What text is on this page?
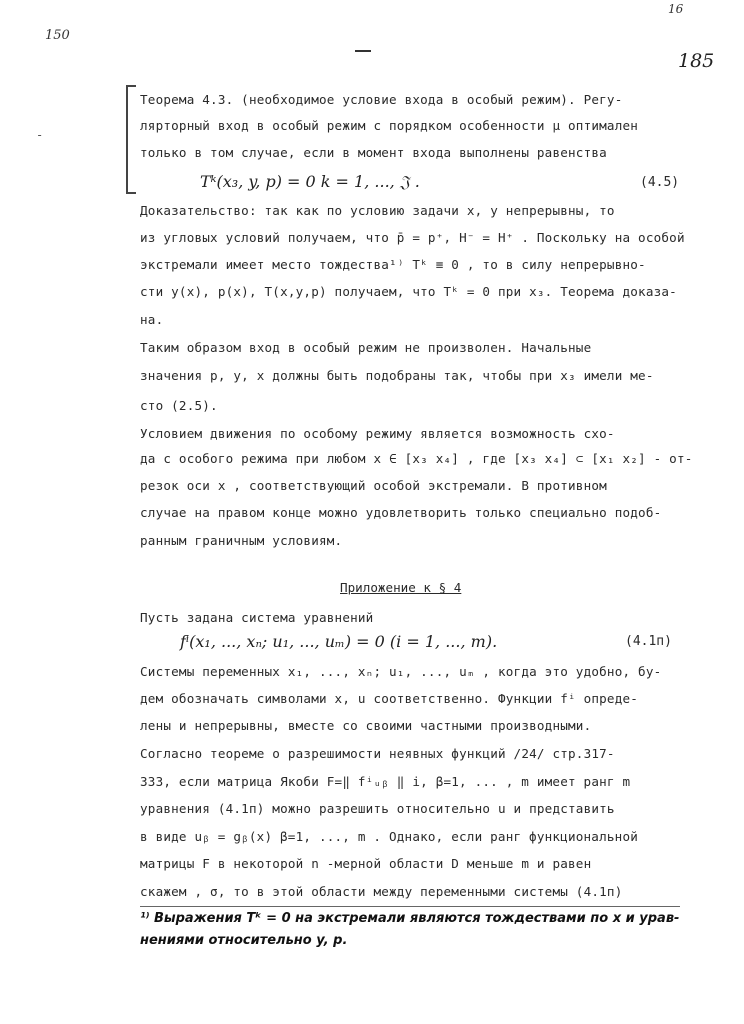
150
16
185
-
Теорема 4.3. (необходимое условие входа в особый режим). Регу-
лярторный вход в особый режим с порядком особенности μ оптимален
только в том случае, если в момент входа выполнены равенства
Tᵏ(x₃, y, p) = 0 k = 1, ..., 𝔍 .	(4.5)
Доказательство: так как по условию задачи x, y непрерывны, то
из угловых условий получаем, что p̄ = p⁺, H⁻ = H⁺ . Поскольку на особой
экстремали имеет место тождества¹⁾ Tᵏ ≡ 0 , то в силу непрерывно-
сти y(x), p(x), T(x,y,p) получаем, что Tᵏ = 0 при x₃. Теорема доказа-
на.
Таким образом вход в особый режим не произволен. Начальные
значения p, y, x должны быть подобраны так, чтобы при x₃ имели ме-
сто (2.5).
Условием движения по особому режиму является возможность схо-
да с особого режима при любом x ∈ [x₃ x₄] , где [x₃ x₄] ⊂ [x₁ x₂] - от-
резок оси x , соответствующий особой экстремали. В противном
случае на правом конце можно удовлетворить только специально подоб-
ранным граничным условиям.
Приложение к § 4
Пусть задана система уравнений
fⁱ(x₁, ..., xₙ; u₁, ..., uₘ) = 0 (i = 1, ..., m).	(4.1п)
Системы переменных x₁, ..., xₙ; u₁, ..., uₘ , когда это удобно, бу-
дем обозначать символами x, u соответственно. Функции fⁱ опреде-
лены и непрерывны, вместе со своими частными производными.
Согласно теореме о разрешимости неявных функций /24/ стр.317-
333, если матрица Якоби F=‖ fⁱᵤᵦ ‖ i, β=1, ... , m имеет ранг m
уравнения (4.1п) можно разрешить относительно u и представить
в виде uᵦ = gᵦ(x) β=1, ..., m . Однако, если ранг функциональной
матрицы F в некоторой n -мерной области D меньше m и равен
скажем , σ, то в этой области между переменными системы (4.1п)
¹⁾ Выражения Tᵏ = 0 на экстремали являются тождествами по x и урав-
нениями относительно y, p.
